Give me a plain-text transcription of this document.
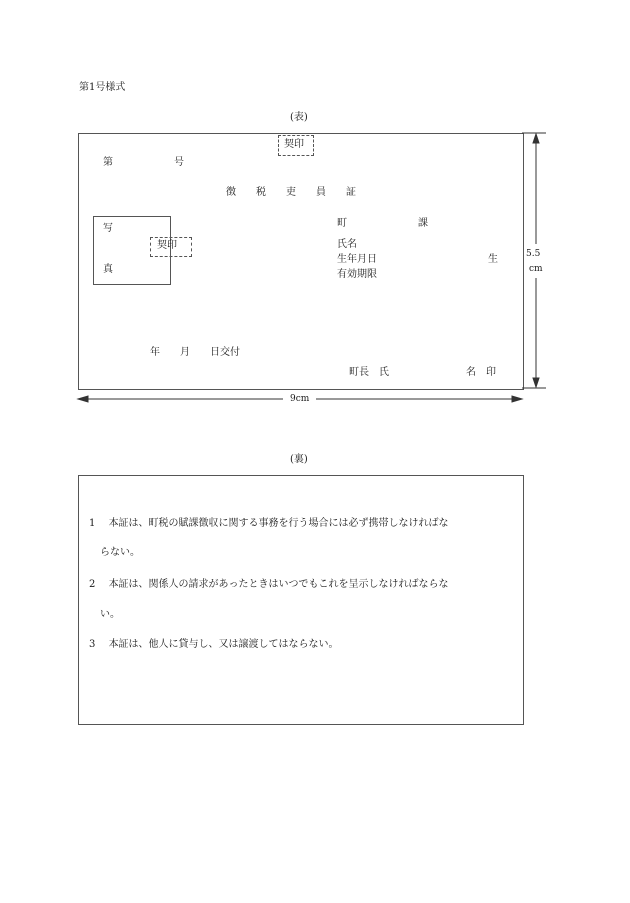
第1号様式
(表)
契印
第	号
徴　　税　　吏　　員　　証
写
真
契印
町	課
氏名
生年月日	生
有効期限
年　　月　　日交付
町長　氏	名　印
5.5
cm
9cm
(裏)
1　 本証は、町税の賦課徴収に関する事務を行う場合には必ず携帯しなければな
らない。
2　 本証は、関係人の請求があったときはいつでもこれを呈示しなければならな
い。
3　 本証は、他人に貸与し、又は譲渡してはならない。
